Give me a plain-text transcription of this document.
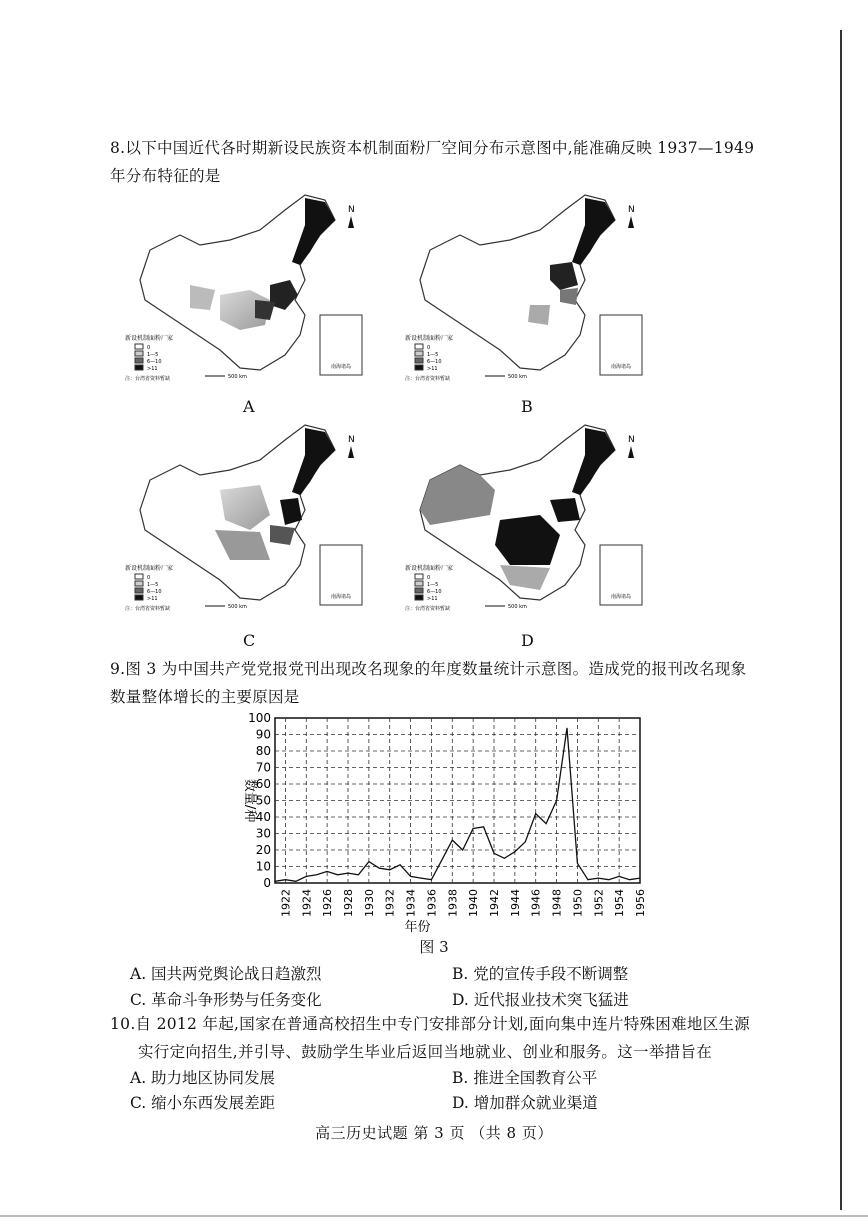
8.以下中国近代各时期新设民族资本机制面粉厂空间分布示意图中,能准确反映 1937—1949
年分布特征的是
南海诸岛
N
新设机制面粉厂家
0
1—5
6—10
>11
注：台湾省资料暂缺	500 km
A
南海诸岛
N
新设机制面粉厂家
0
1—5
6—10
>11
注：台湾省资料暂缺	500 km
B
南海诸岛
N
新设机制面粉厂家
0
1—5
6—10
>11
注：台湾省资料暂缺	500 km
C
南海诸岛
N
新设机制面粉厂家
0
1—5
6—10
>11
注：台湾省资料暂缺	500 km
D
9.图 3 为中国共产党党报党刊出现改名现象的年度数量统计示意图。造成党的报刊改名现象
数量整体增长的主要原因是
0
10
20
30
40
50
60
70
80
90
100
1922 1924 1926 1928 1930 1932 1934 1936 1938 1940 1942 1944 1946 1948 1950 1952 1954 1956
数量/种
年份
图 3
A. 国共两党舆论战日趋激烈	B. 党的宣传手段不断调整
C. 革命斗争形势与任务变化	D. 近代报业技术突飞猛进
10.自 2012 年起,国家在普通高校招生中专门安排部分计划,面向集中连片特殊困难地区生源
实行定向招生,并引导、鼓励学生毕业后返回当地就业、创业和服务。这一举措旨在
A. 助力地区协同发展	B. 推进全国教育公平
C. 缩小东西发展差距	D. 增加群众就业渠道
高三历史试题 第 3 页 （共 8 页）
